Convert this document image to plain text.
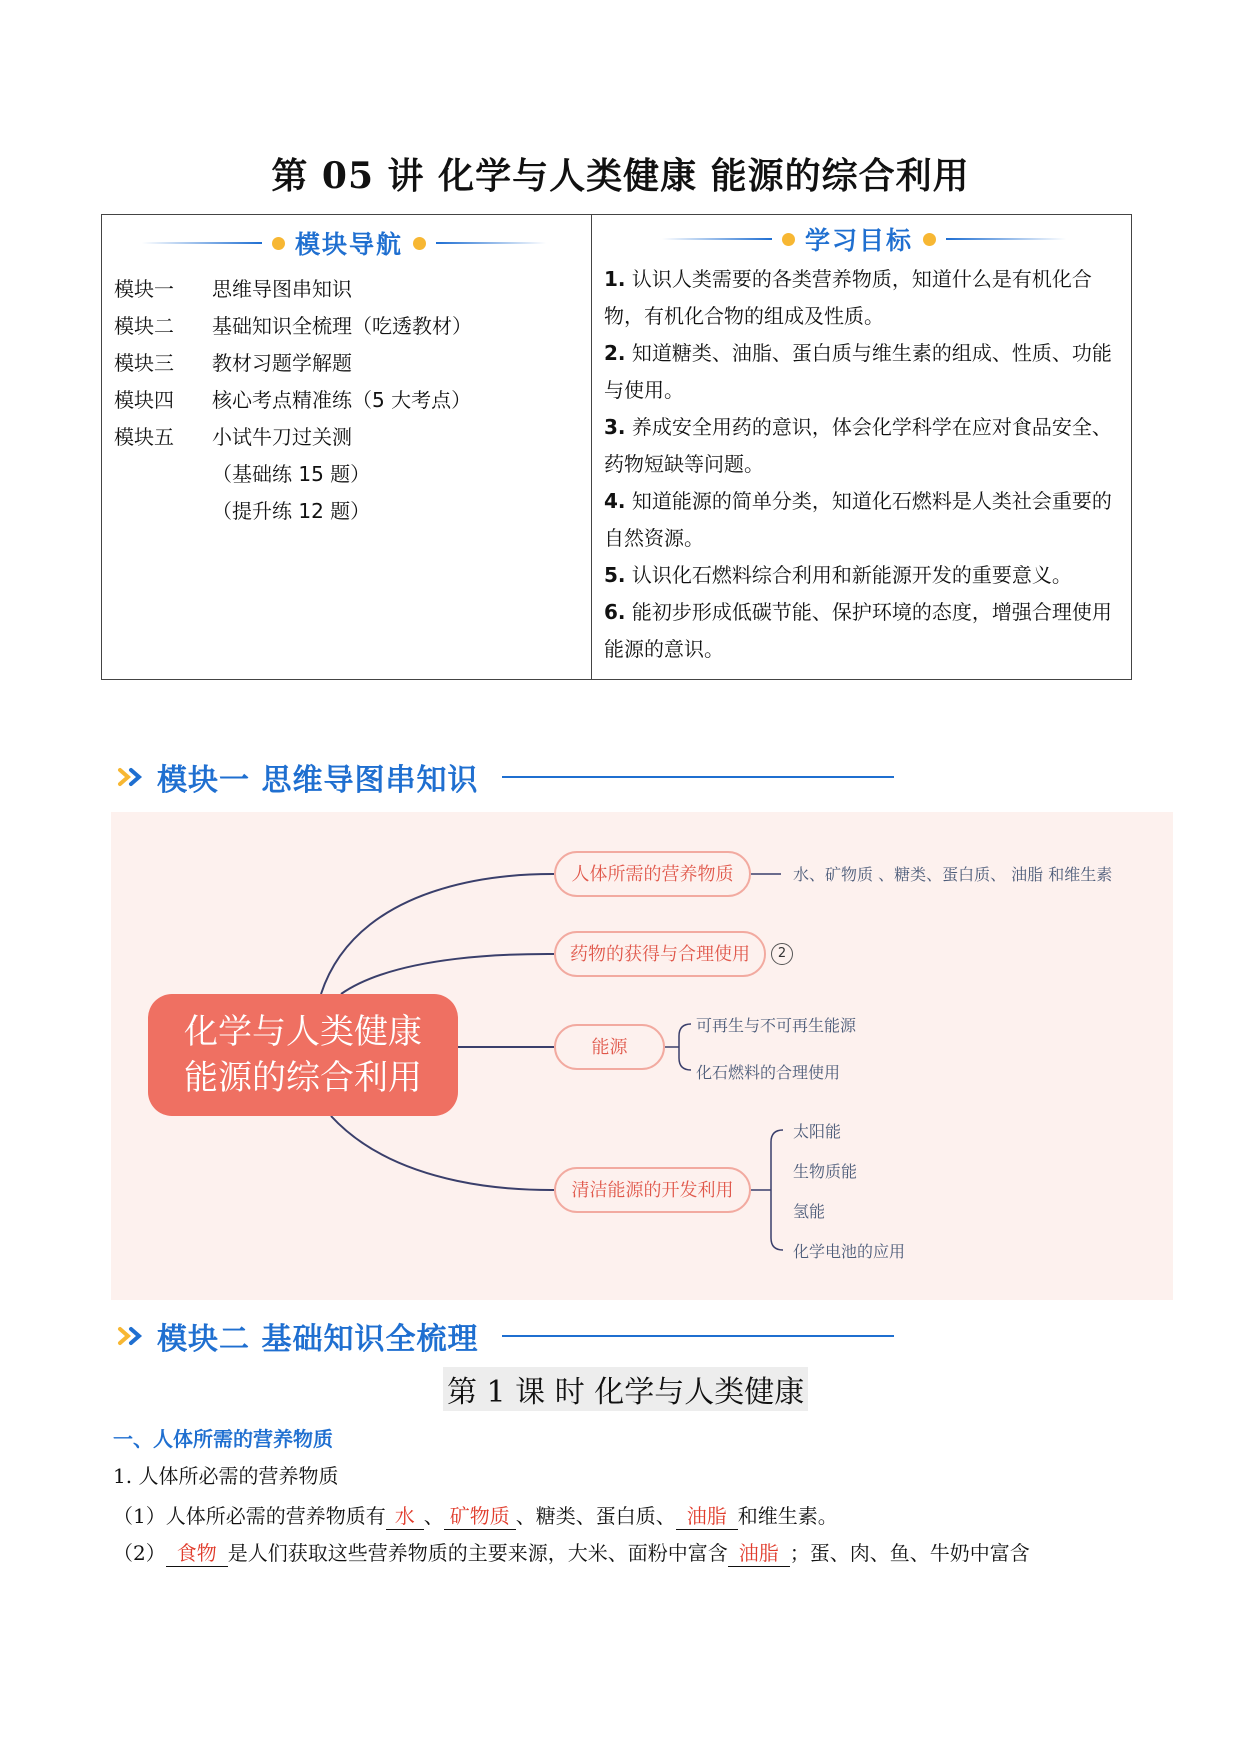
第 05 讲 化学与人类健康 能源的综合利用
模块导航
模块一	思维导图串知识
模块二	基础知识全梳理（吃透教材）
模块三	教材习题学解题
模块四	核心考点精准练（5 大考点）
模块五	小试牛刀过关测
（基础练 15 题）
（提升练 12 题）
学习目标

1. 认识人类需要的各类营养物质，知道什么是有机化合物，有机化合物的组成及性质。

2. 知道糖类、油脂、蛋白质与维生素的组成、性质、功能与使用。

3. 养成安全用药的意识，体会化学科学在应对食品安全、药物短缺等问题。

4. 知道能源的简单分类，知道化石燃料是人类社会重要的自然资源。

5. 认识化石燃料综合利用和新能源开发的重要意义。

6. 能初步形成低碳节能、保护环境的态度，增强合理使用能源的意识。

模块一 思维导图串知识
化学与人类健康
能源的综合利用
人体所需的营养物质	水、矿物质 、糖类、蛋白质、 油脂 和维生素
药物的获得与合理使用	2
能源
可再生与不可再生能源
化石燃料的合理使用
清洁能源的开发利用
太阳能
生物质能
氢能
化学电池的应用
模块二 基础知识全梳理
第 1 课 时 化学与人类健康
一、人体所需的营养物质
1. 人体所必需的营养物质
（1）人体所必需的营养物质有 水 、 矿物质 、糖类、蛋白质、 油脂 和维生素。
（2） 食物 是人们获取这些营养物质的主要来源，大米、面粉中富含 油脂 ；蛋、肉、鱼、牛奶中富含
